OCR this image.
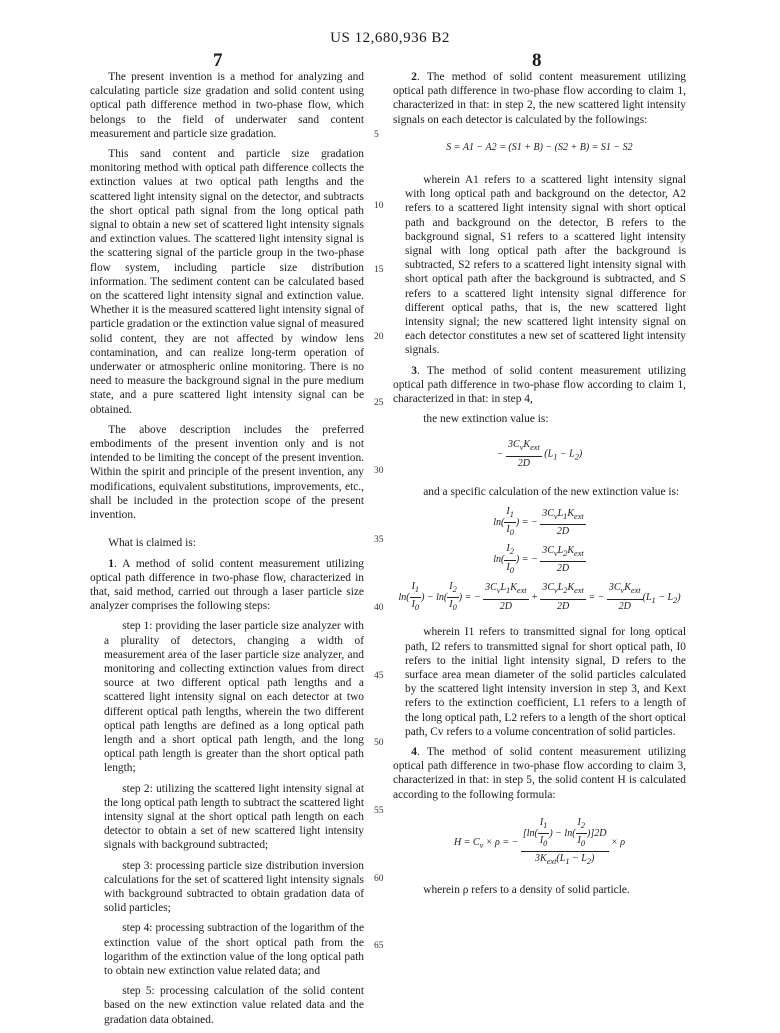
US 12,680,936 B2
7	8

The present invention is a method for analyzing and calculating particle size gradation and solid content using optical path difference method in two-phase flow, which belongs to the field of underwater sand content measurement and particle size gradation.

This sand content and particle size gradation monitoring method with optical path difference collects the extinction values at two optical path lengths and the scattered light intensity signal on the detector, and subtracts the short optical path signal from the long optical path signal to obtain a new set of scattered light intensity signals and extinction values. The scattered light intensity signal is the scattering signal of the particle group in the two-phase flow system, including particle size distribution information. The sediment content can be calculated based on the scattered light intensity signal and extinction value. Whether it is the measured scattered light intensity signal of particle gradation or the extinction value signal of measured solid content, they are not affected by window lens contamination, and can realize long-term operation of underwater or atmospheric online monitoring. There is no need to measure the background signal in the pure medium state, and a pure scattered light intensity signal can be obtained.

The above description includes the preferred embodiments of the present invention only and is not intended to be limiting the concept of the present invention. Within the spirit and principle of the present invention, any modifications, equivalent substitutions, improvements, etc., shall be included in the protection scope of the present invention.

What is claimed is:

1. A method of solid content measurement utilizing optical path difference in two-phase flow, characterized in that, said method, carried out through a laser particle size analyzer comprises the following steps:

step 1: providing the laser particle size analyzer with a plurality of detectors, changing a width of measurement area of the laser particle size analyzer, and monitoring and collecting extinction values from direct source at two different optical path lengths and a scattered light intensity signal on each detector at two different optical path lengths, wherein the two different optical path lengths are defined as a long optical path length and a short optical path length, and the long optical path length is greater than the short optical path length;

step 2: utilizing the scattered light intensity signal at the long optical path length to subtract the scattered light intensity signal at the short optical path length on each detector to obtain a set of new scattered light intensity signals with background subtracted;

step 3: processing particle size distribution inversion calculations for the set of scattered light intensity signals with background subtracted to obtain gradation data of solid particles;

step 4: processing subtraction of the logarithm of the extinction value of the short optical path from the logarithm of the extinction value of the long optical path to obtain new extinction value related data; and

step 5: processing calculation of the solid content based on the new extinction value related data and the gradation data obtained.

5
10
15
20
25
30
35
40
45
50
55
60
65

2. The method of solid content measurement utilizing optical path difference in two-phase flow according to claim 1, characterized in that: in step 2, the new scattered light intensity signals on each detector is calculated by the followings:

S = A1 − A2 = (S1 + B) − (S2 + B) = S1 − S2

wherein A1 refers to a scattered light intensity signal with long optical path and background on the detector, A2 refers to a scattered light intensity signal with short optical path and background on the detector, B refers to the background signal, S1 refers to a scattered light intensity signal with long optical path after the background is subtracted, S2 refers to a scattered light intensity signal with short optical path after the background is subtracted, and S refers to a scattered light intensity signal difference for different optical paths, that is, the new scattered light intensity signal; the new scattered light intensity signal on each detector constitutes a new set of scattered light intensity signals.

3. The method of solid content measurement utilizing optical path difference in two-phase flow according to claim 1, characterized in that: in step 4,

the new extinction value is:

− $\frac{3C_vK_{ext}}{2D} (L_1 - L_2)$

and a specific calculation of the new extinction value is:

$\ln( \frac{I_1}{I_0}$ ) = − $\frac{3C_vL_1K_{ext}}{2D}$
$\ln( \frac{I_2}{I_0}$ ) = − $\frac{3C_vL_2K_{ext}}{2D}$
$\ln( \frac{I_1}{I_0}$ ) − $\ln( \frac{I_2}{I_0}$ ) = − $\frac{3C_vL_1K_{ext}}{2D} + \frac{3C_vL_2K_{ext}}{2D}$ = − $\frac{3C_vK_{ext}}{2D} (L_1 - L_2)$

wherein I1 refers to transmitted signal for long optical path, I2 refers to transmitted signal for short optical path, I0 refers to the initial light intensity signal, D refers to the surface area mean diameter of the solid particles calculated by the scattered light intensity inversion in step 3, and Kext refers to the extinction coefficient, L1 refers to a length of the long optical path, L2 refers to a length of the short optical path, Cv refers to a volume concentration of solid particles.

4. The method of solid content measurement utilizing optical path difference in two-phase flow according to claim 3, characterized in that: in step 5, the solid content H is calculated according to the following formula:

$H = C_v \times \rho$ = − $\frac{[\ln( \frac{I_1}{I_0} ) - \ln( \frac{I_2}{I_0} )]2D}{3K_{ext}(L_1 - L_2)} \times \rho$

wherein ρ refers to a density of solid particle.
